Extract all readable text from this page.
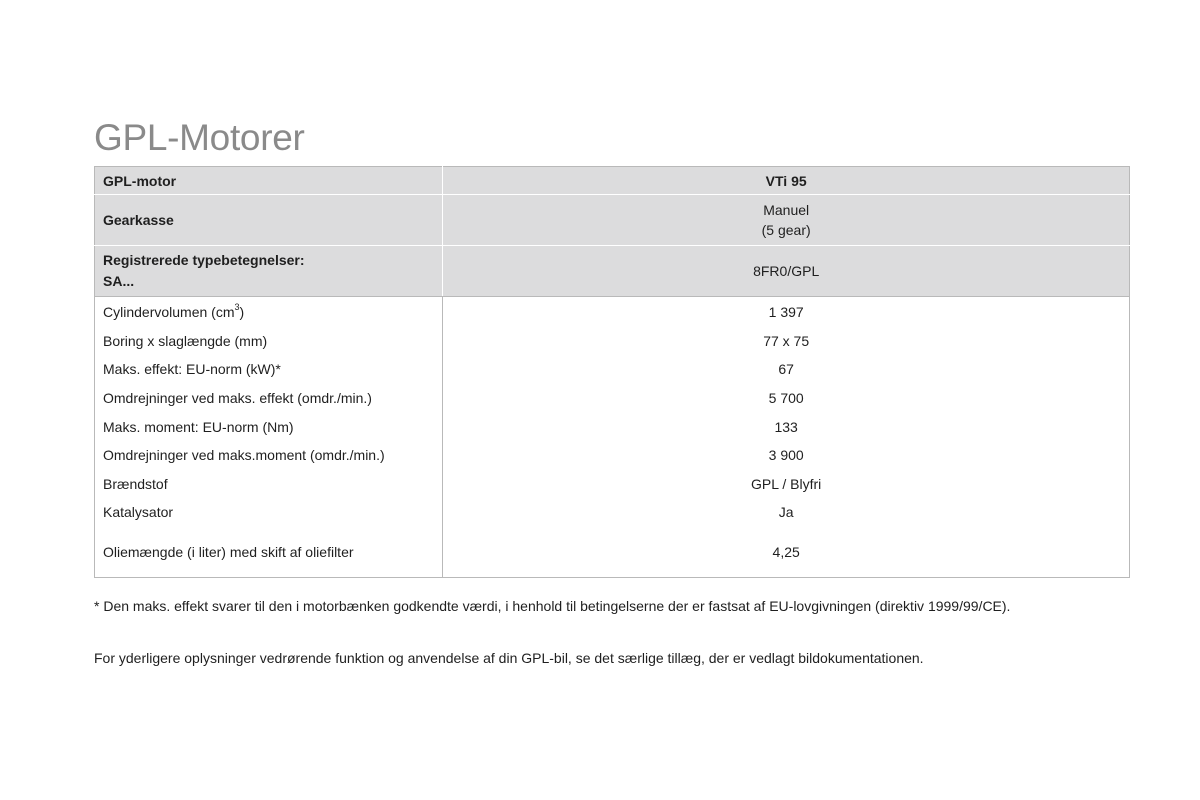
GPL-Motorer
GPL-motor	VTi 95
Gearkasse	Manuel
(5 gear)
Registrerede typebetegnelser:
SA...	8FR0/GPL
Cylindervolumen $(cm^3)$	1 397
Boring x slaglængde (mm)	77 x 75
Maks. effekt: EU-norm (kW)*	67
Omdrejninger ved maks. effekt (omdr./min.)	5 700
Maks. moment: EU-norm (Nm)	133
Omdrejninger ved maks.moment (omdr./min.)	3 900
Brændstof	GPL / Blyfri
Katalysator	Ja
Oliemængde (i liter) med skift af oliefilter	4,25
* Den maks. effekt svarer til den i motorbænken godkendte værdi, i henhold til betingelserne der er fastsat af EU-lovgivningen (direktiv 1999/99/CE).
For yderligere oplysninger vedrørende funktion og anvendelse af din GPL-bil, se det særlige tillæg, der er vedlagt bildokumentationen.
